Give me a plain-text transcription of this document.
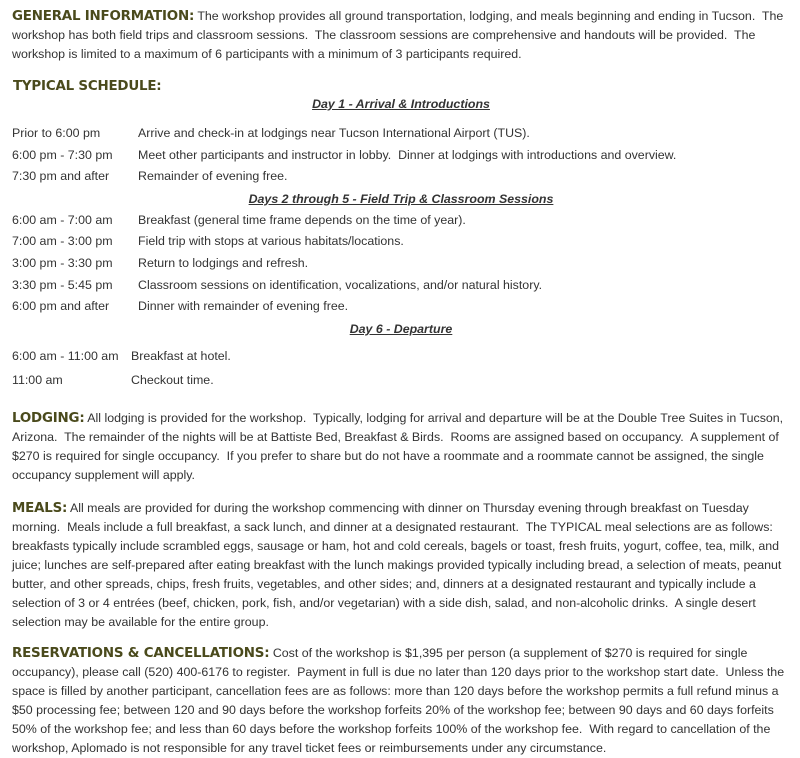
GENERAL INFORMATION: The workshop provides all ground transportation, lodging, and meals beginning and ending in Tucson.  The workshop has both field trips and classroom sessions.  The classroom sessions are comprehensive and handouts will be provided.  The workshop is limited to a maximum of 6 participants with a minimum of 3 participants required.

TYPICAL SCHEDULE:
Day 1 - Arrival & Introductions
Prior to 6:00 pm	Arrive and check-in at lodgings near Tucson International Airport (TUS).
6:00 pm - 7:30 pm	Meet other participants and instructor in lobby.  Dinner at lodgings with introductions and overview.
7:30 pm and after	Remainder of evening free.
Days 2 through 5 - Field Trip & Classroom Sessions
6:00 am - 7:00 am	Breakfast (general time frame depends on the time of year).
7:00 am - 3:00 pm	Field trip with stops at various habitats/locations.
3:00 pm - 3:30 pm	Return to lodgings and refresh.
3:30 pm - 5:45 pm	Classroom sessions on identification, vocalizations, and/or natural history.
6:00 pm and after	Dinner with remainder of evening free.
Day 6 - Departure
6:00 am - 11:00 am	Breakfast at hotel.
11:00 am	Checkout time.

LODGING: All lodging is provided for the workshop.  Typically, lodging for arrival and departure will be at the Double Tree Suites in Tucson, Arizona.  The remainder of the nights will be at Battiste Bed, Breakfast & Birds.  Rooms are assigned based on occupancy.  A supplement of $270 is required for single occupancy.  If you prefer to share but do not have a roommate and a roommate cannot be assigned, the single occupancy supplement will apply.

MEALS: All meals are provided for during the workshop commencing with dinner on Thursday evening through breakfast on Tuesday morning.  Meals include a full breakfast, a sack lunch, and dinner at a designated restaurant.  The TYPICAL meal selections are as follows: breakfasts typically include scrambled eggs, sausage or ham, hot and cold cereals, bagels or toast, fresh fruits, yogurt, coffee, tea, milk, and juice; lunches are self-prepared after eating breakfast with the lunch makings provided typically including bread, a selection of meats, peanut butter, and other spreads, chips, fresh fruits, vegetables, and other sides; and, dinners at a designated restaurant and typically include a selection of 3 or 4 entrées (beef, chicken, pork, fish, and/or vegetarian) with a side dish, salad, and non-alcoholic drinks.  A single desert selection may be available for the entire group.

RESERVATIONS & CANCELLATIONS: Cost of the workshop is $1,395 per person (a supplement of $270 is required for single occupancy), please call (520) 400-6176 to register.  Payment in full is due no later than 120 days prior to the workshop start date.  Unless the space is filled by another participant, cancellation fees are as follows: more than 120 days before the workshop permits a full refund minus a $50 processing fee; between 120 and 90 days before the workshop forfeits 20% of the workshop fee; between 90 days and 60 days forfeits 50% of the workshop fee; and less than 60 days before the workshop forfeits 100% of the workshop fee.  With regard to cancellation of the workshop, Aplomado is not responsible for any travel ticket fees or reimbursements under any circumstance.
